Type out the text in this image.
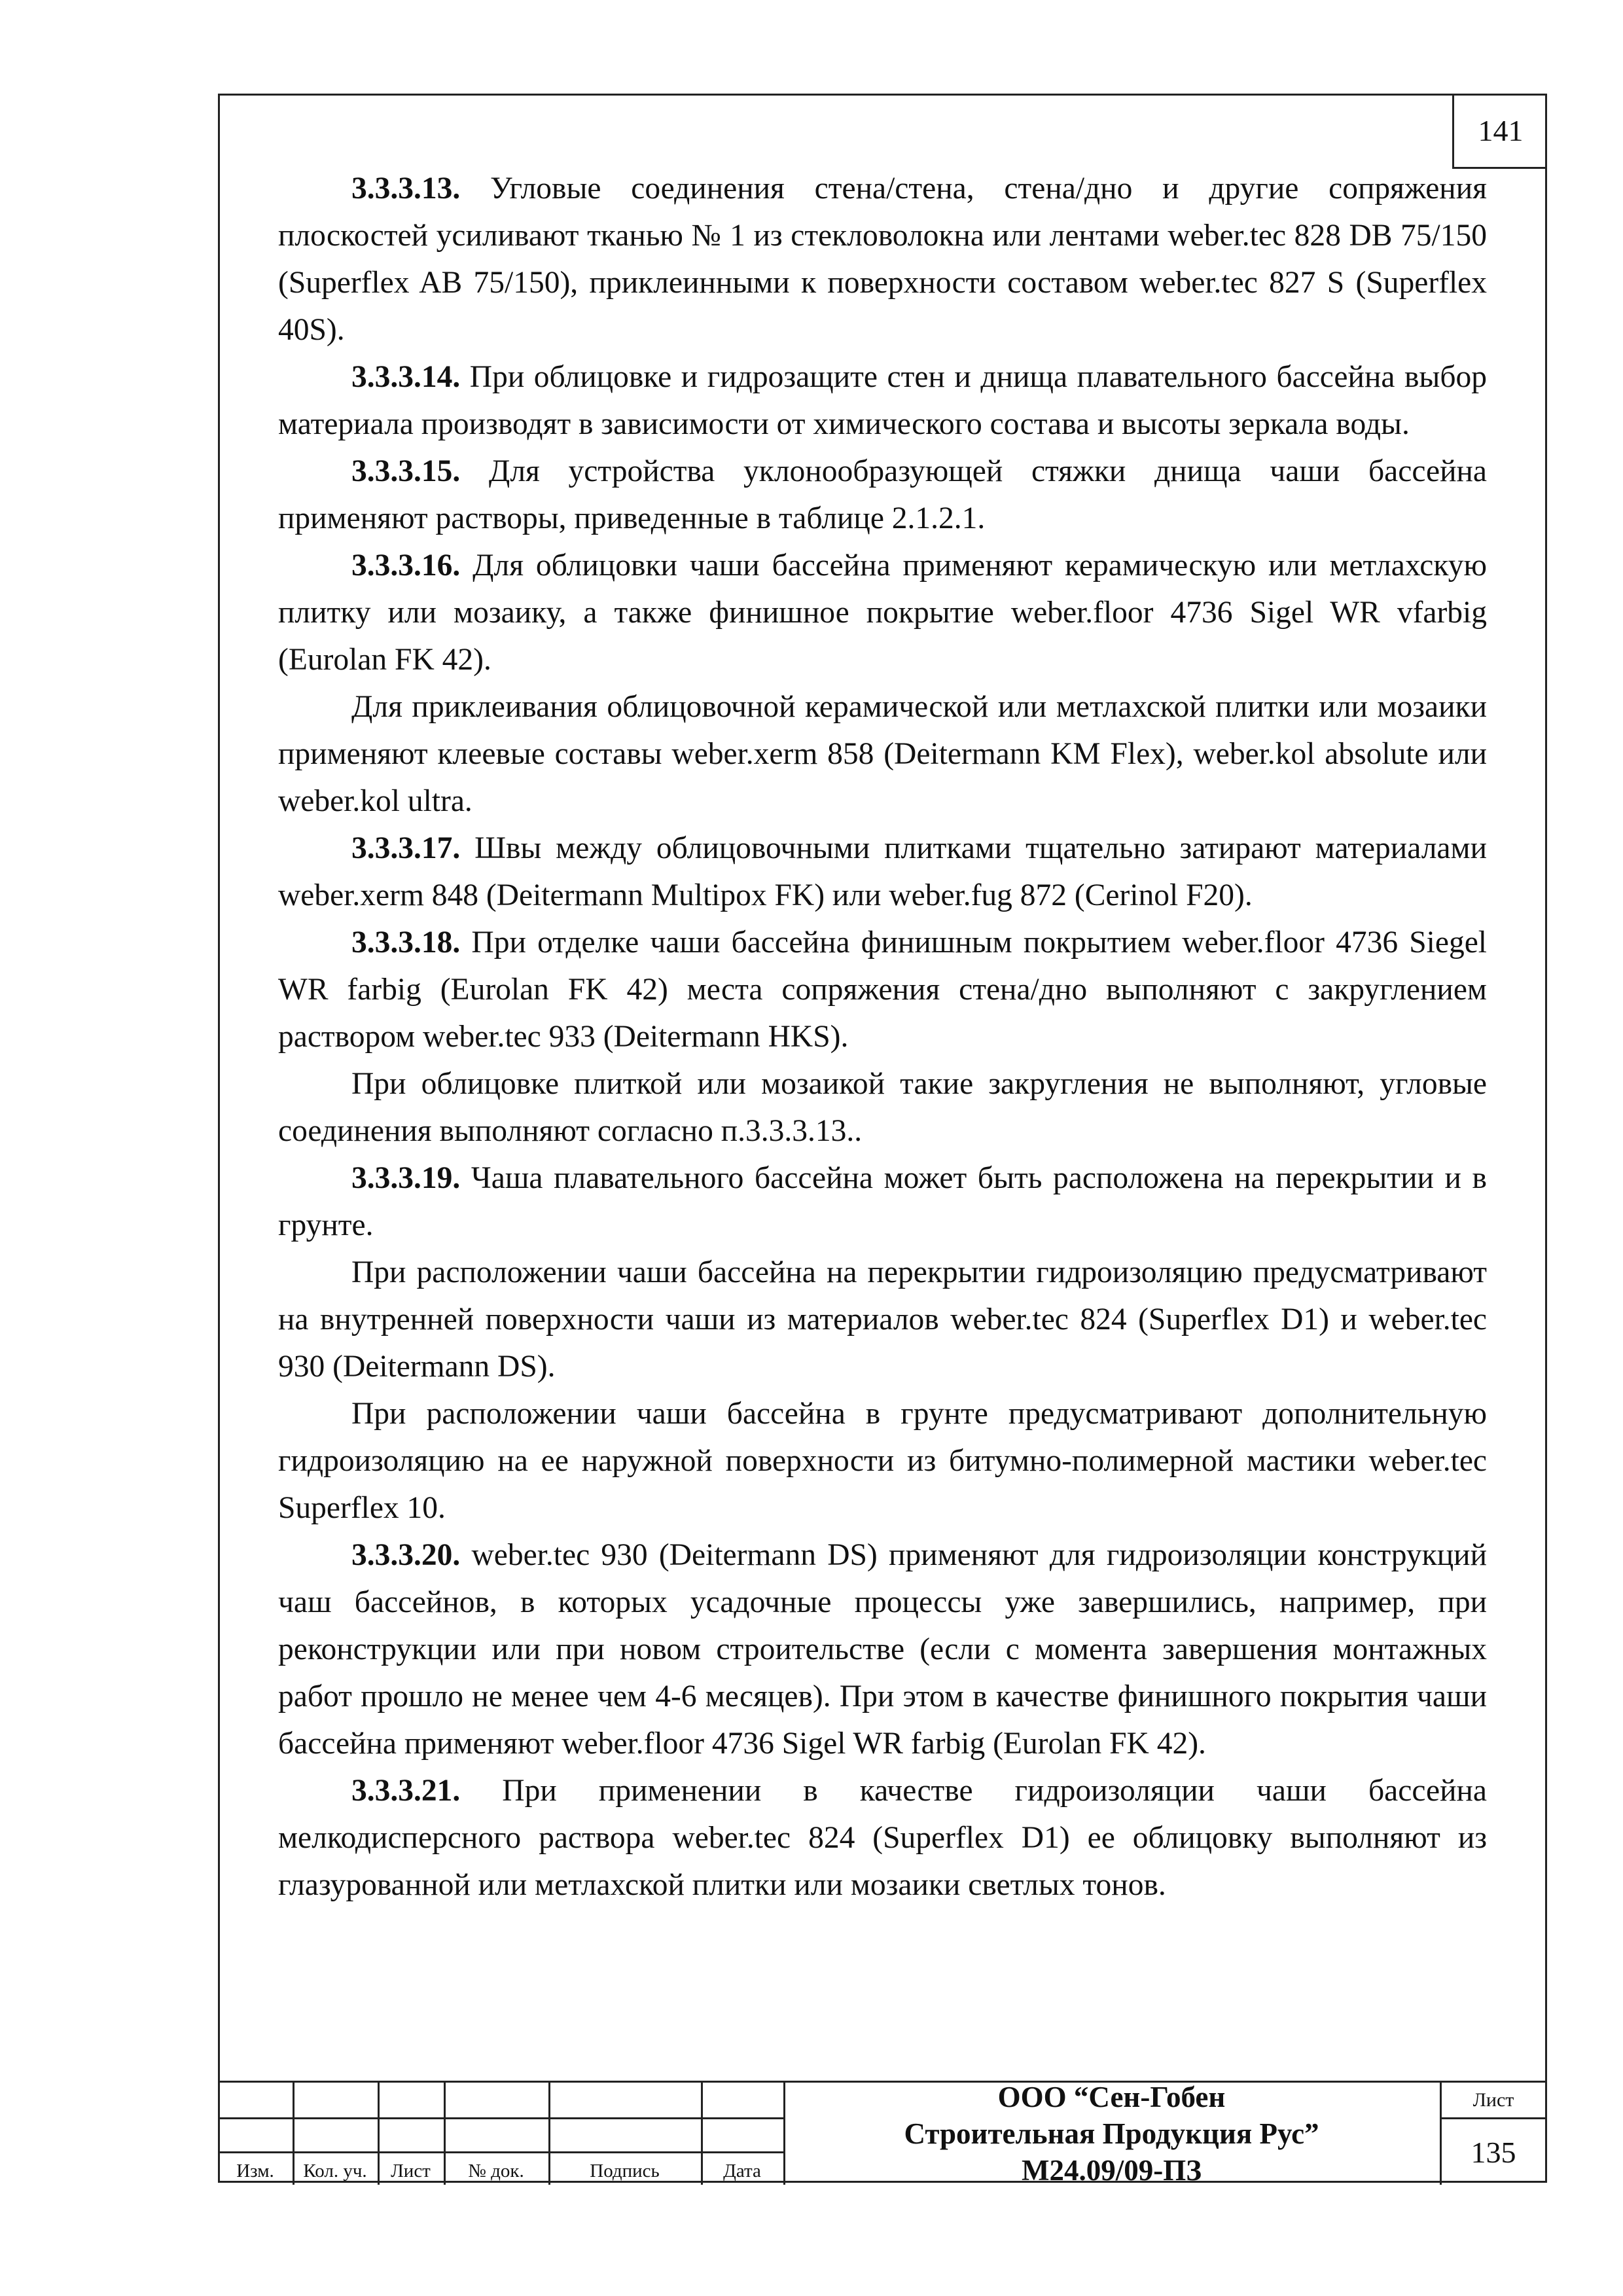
141

3.3.3.13. Угловые соединения стена/стена, стена/дно и другие сопряжения плоскостей усиливают тканью № 1 из стекловолокна или лентами weber.tec 828 DB 75/150 (Superflex AB 75/150), приклеинными к поверхности составом weber.tec 827 S (Superflex 40S).

3.3.3.14. При облицовке и гидрозащите стен и днища плавательного бассейна выбор материала производят в зависимости от химического состава и высоты зеркала воды.

3.3.3.15. Для устройства уклонообразующей стяжки днища чаши бассейна применяют растворы, приведенные в таблице 2.1.2.1.

3.3.3.16. Для облицовки чаши бассейна применяют керамическую или метлахскую плитку или мозаику, а также финишное покрытие weber.floor 4736 Sigel WR vfarbig (Eurolan FK 42).

Для приклеивания облицовочной керамической или метлахской плитки или мозаики применяют клеевые составы weber.xerm 858 (Deitermann KM Flex), weber.kol absolute или weber.kol ultra.

3.3.3.17. Швы между облицовочными плитками тщательно затирают материалами weber.xerm 848 (Deitermann Multipox FK) или weber.fug 872 (Cerinol F20).

3.3.3.18. При отделке чаши бассейна финишным покрытием weber.floor 4736 Siegel WR farbig (Eurolan FK 42) места сопряжения стена/дно выполняют с закруглением раствором weber.tec 933 (Deitermann HKS).

При облицовке плиткой или мозаикой такие закругления не выполняют, угловые соединения выполняют согласно п.3.3.3.13..

3.3.3.19. Чаша плавательного бассейна может быть расположена на перекрытии и в грунте.

При расположении чаши бассейна на перекрытии гидроизоляцию предусматривают на внутренней поверхности чаши из материалов weber.tec 824 (Superflex D1) и weber.tec 930 (Deitermann DS).

При расположении чаши бассейна в грунте предусматривают дополнительную гидроизоляцию на ее наружной поверхности из битумно-полимерной мастики weber.tec Superflex 10.

3.3.3.20. weber.tec 930 (Deitermann DS) применяют для гидроизоляции конструкций чаш бассейнов, в которых усадочные процессы уже завершились, например, при реконструкции или при новом строительстве (если с момента завершения монтажных работ прошло не менее чем 4-6 месяцев). При этом в качестве финишного покрытия чаши бассейна применяют weber.floor 4736 Sigel WR farbig (Eurolan FK 42).

3.3.3.21. При применении в качестве гидроизоляции чаши бассейна мелкодисперсного раствора weber.tec 824 (Superflex D1) ее облицовку выполняют из глазурованной или метлахской плитки или мозаики светлых тонов.

Изм.	Кол. уч.	Лист	№ док.	Подпись	Дата
ООО “Сен-Гобен
Строительная Продукция Рус”
М24.09/09-ПЗ
Лист
135
